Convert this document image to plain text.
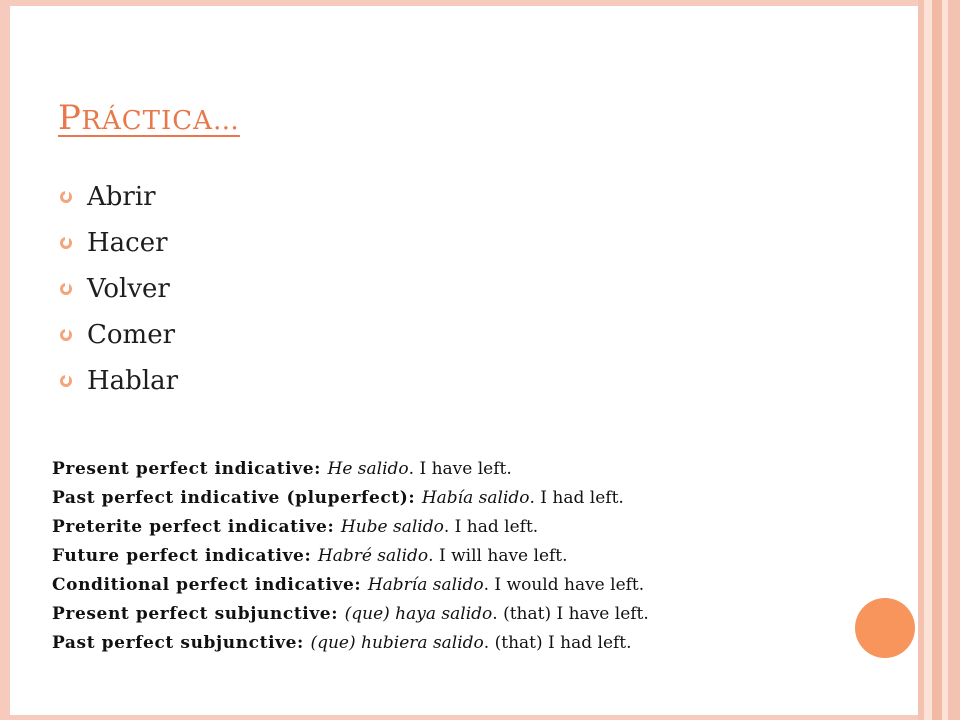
PRÁCTICA…
Abrir
Hacer
Volver
Comer
Hablar
Present perfect indicative: He salido. I have left.
Past perfect indicative (pluperfect): Había salido. I had left.
Preterite perfect indicative: Hube salido. I had left.
Future perfect indicative: Habré salido. I will have left.
Conditional perfect indicative: Habría salido. I would have left.
Present perfect subjunctive: (que) haya salido. (that) I have left.
Past perfect subjunctive: (que) hubiera salido. (that) I had left.
